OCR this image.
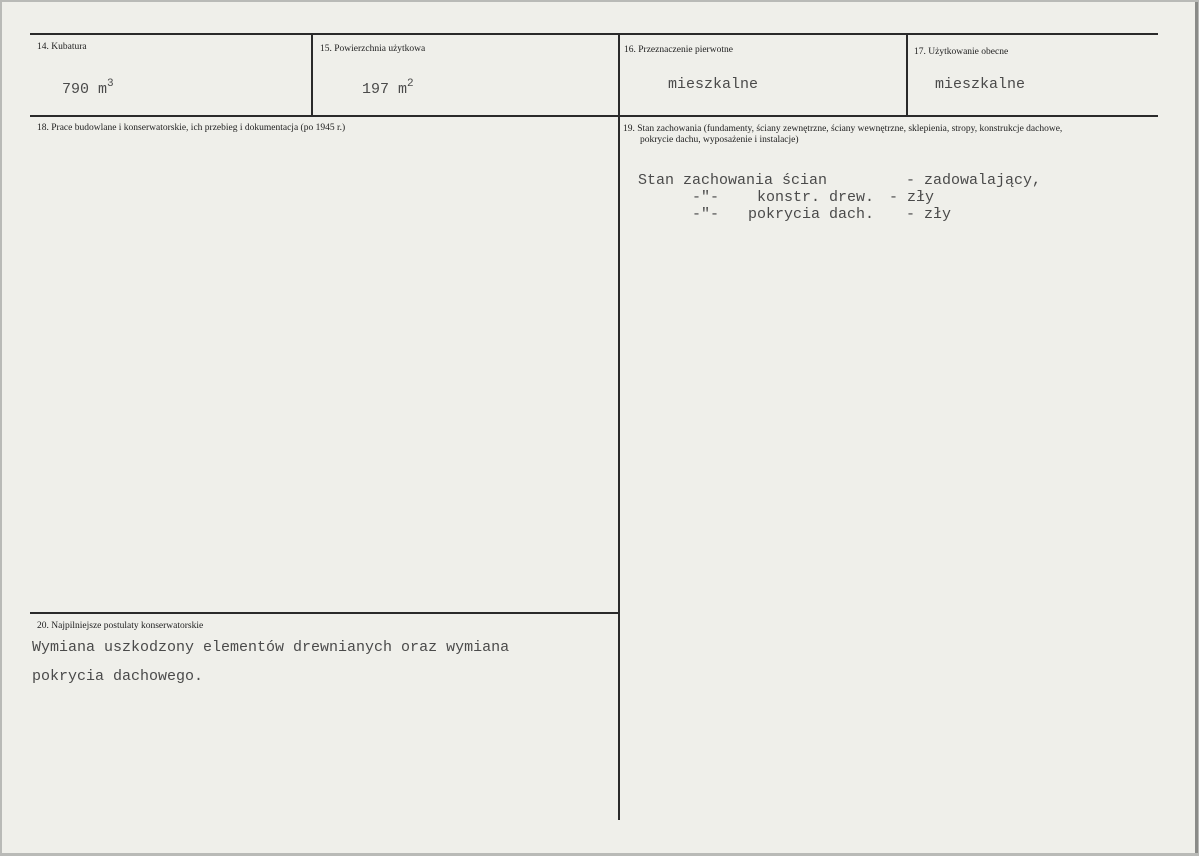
14. Kubatura
790 $m^3$
15. Powierzchnia użytkowa
197 $m^2$
16. Przeznaczenie pierwotne
mieszkalne
17. Użytkowanie obecne
mieszkalne
18. Prace budowlane i konserwatorskie, ich przebieg i dokumentacja (po 1945 r.)	19. Stan zachowania (fundamenty, ściany zewnętrzne, ściany wewnętrzne, sklepienia, stropy, konstrukcje dachowe,
pokrycie dachu, wyposażenie i instalacje)
Stan zachowania ścian	- zadowalający,
-"-	konstr. drew. - zły
-"- pokrycia dach. - zły
20. Najpilniejsze postulaty konserwatorskie
Wymiana uszkodzony elementów drewnianych oraz wymiana
pokrycia dachowego.
